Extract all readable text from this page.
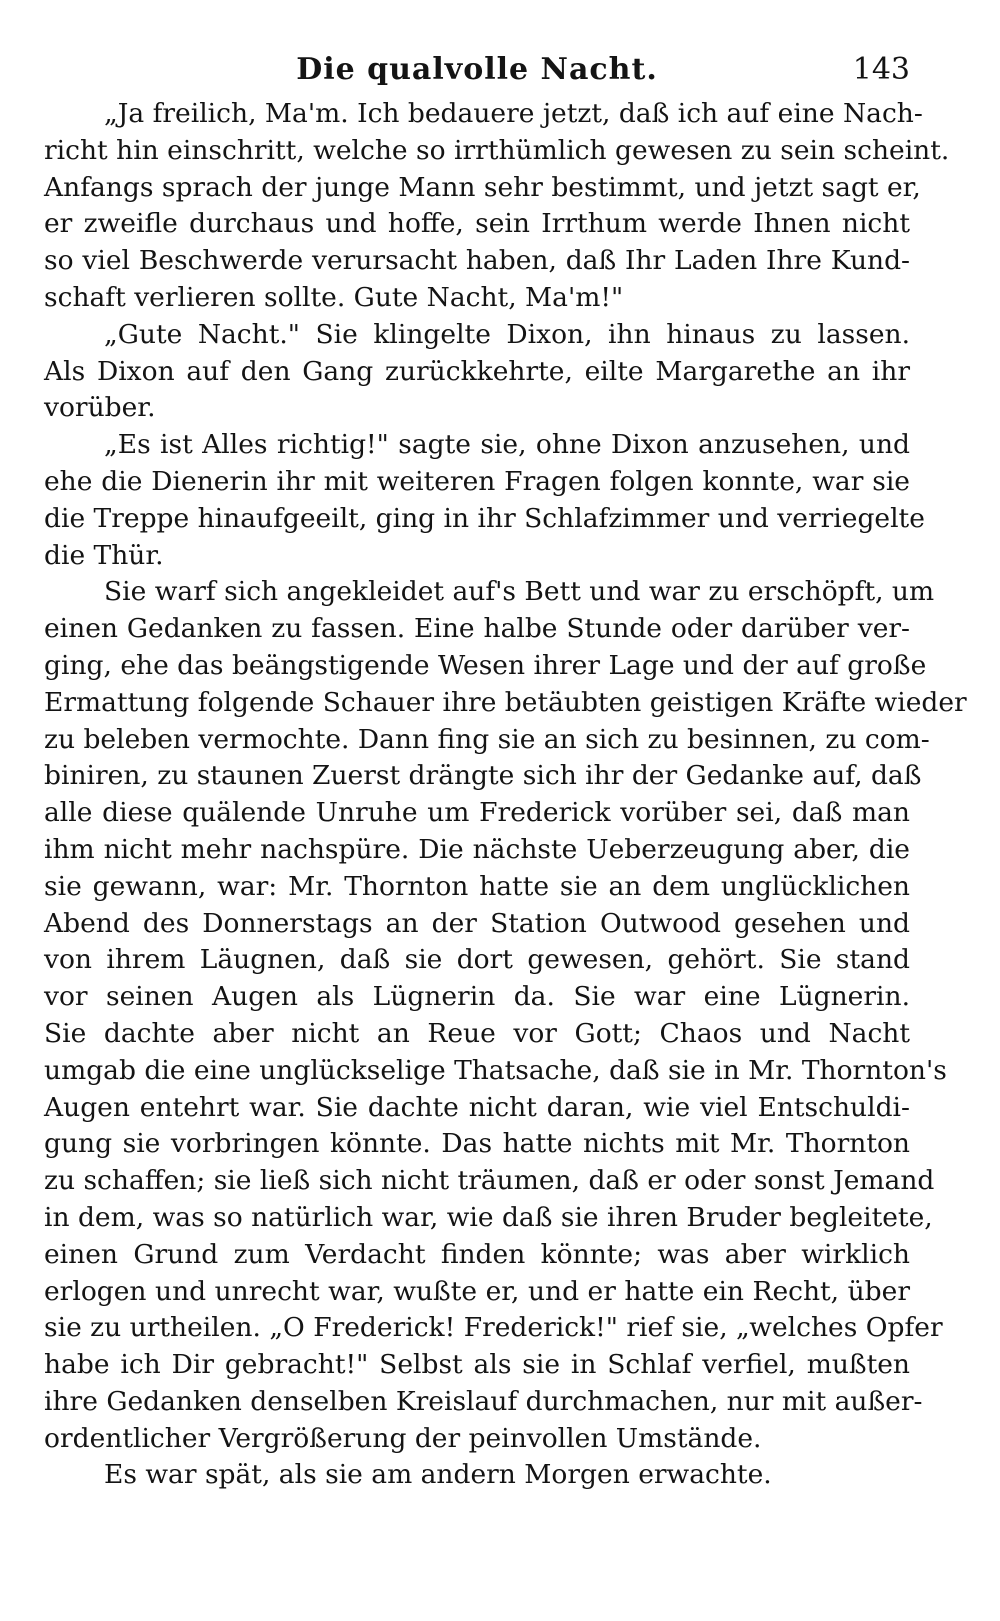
Die qualvolle Nacht.	143
„Ja freilich, Ma'm. Ich bedauere jetzt, daß ich auf eine Nach-
richt hin einschritt, welche so irrthümlich gewesen zu sein scheint.
Anfangs sprach der junge Mann sehr bestimmt, und jetzt sagt er,
er zweifle durchaus und hoffe, sein Irrthum werde Ihnen nicht
so viel Beschwerde verursacht haben, daß Ihr Laden Ihre Kund-
schaft verlieren sollte. Gute Nacht, Ma'm!"
„Gute Nacht." Sie klingelte Dixon, ihn hinaus zu lassen.
Als Dixon auf den Gang zurückkehrte, eilte Margarethe an ihr
vorüber.
„Es ist Alles richtig!" sagte sie, ohne Dixon anzusehen, und
ehe die Dienerin ihr mit weiteren Fragen folgen konnte, war sie
die Treppe hinaufgeeilt, ging in ihr Schlafzimmer und verriegelte
die Thür.
Sie warf sich angekleidet auf's Bett und war zu erschöpft, um
einen Gedanken zu fassen. Eine halbe Stunde oder darüber ver-
ging, ehe das beängstigende Wesen ihrer Lage und der auf große
Ermattung folgende Schauer ihre betäubten geistigen Kräfte wieder
zu beleben vermochte. Dann fing sie an sich zu besinnen, zu com-
biniren, zu staunen Zuerst drängte sich ihr der Gedanke auf, daß
alle diese quälende Unruhe um Frederick vorüber sei, daß man
ihm nicht mehr nachspüre. Die nächste Ueberzeugung aber, die
sie gewann, war: Mr. Thornton hatte sie an dem unglücklichen
Abend des Donnerstags an der Station Outwood gesehen und
von ihrem Läugnen, daß sie dort gewesen, gehört. Sie stand
vor seinen Augen als Lügnerin da. Sie war eine Lügnerin.
Sie dachte aber nicht an Reue vor Gott; Chaos und Nacht
umgab die eine unglückselige Thatsache, daß sie in Mr. Thornton's
Augen entehrt war. Sie dachte nicht daran, wie viel Entschuldi-
gung sie vorbringen könnte. Das hatte nichts mit Mr. Thornton
zu schaffen; sie ließ sich nicht träumen, daß er oder sonst Jemand
in dem, was so natürlich war, wie daß sie ihren Bruder begleitete,
einen Grund zum Verdacht finden könnte; was aber wirklich
erlogen und unrecht war, wußte er, und er hatte ein Recht, über
sie zu urtheilen. „O Frederick! Frederick!" rief sie, „welches Opfer
habe ich Dir gebracht!" Selbst als sie in Schlaf verfiel, mußten
ihre Gedanken denselben Kreislauf durchmachen, nur mit außer-
ordentlicher Vergrößerung der peinvollen Umstände.
Es war spät, als sie am andern Morgen erwachte.
